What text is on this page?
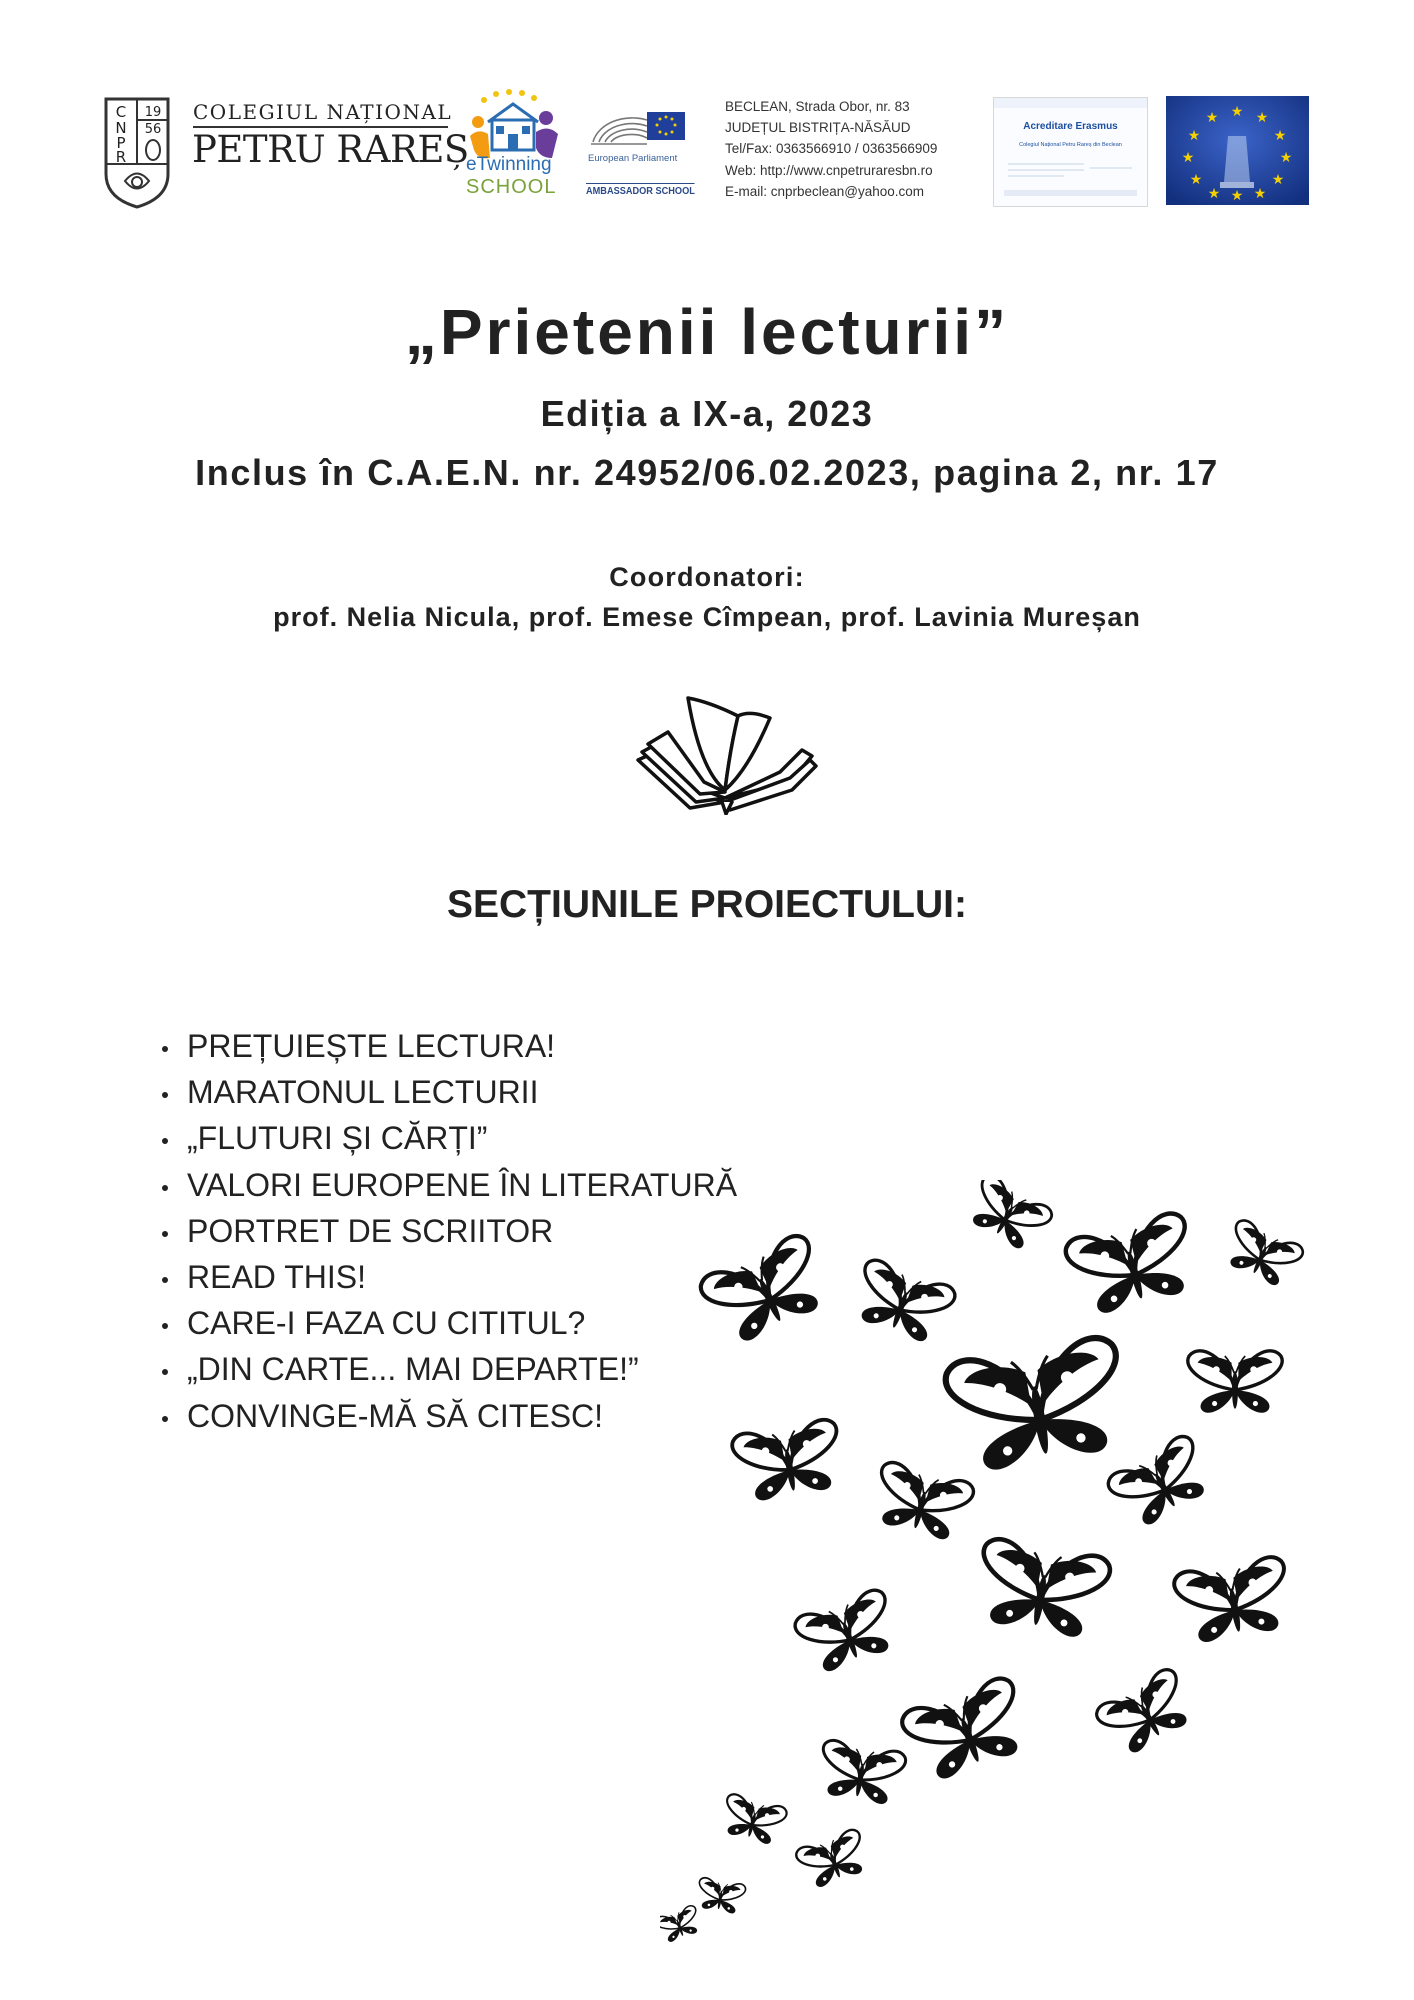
C
N
P
R
19
56
COLEGIUL NAȚIONAL
PETRU RAREȘ
eTwinning
SCHOOL
European Parliament
AMBASSADOR SCHOOL
BECLEAN, Strada Obor, nr. 83
JUDEȚUL BISTRIȚA-NĂSĂUD
Tel/Fax: 0363566910 / 0363566909
Web: http://www.cnpetruraresbn.ro
E-mail: cnprbeclean@yahoo.com
Acreditare Erasmus
Colegiul Național Petru Rareș din Beclean
★ ★
★
★
★
★
★
★
★
★
★
★
„Prietenii lecturii”
Ediția a IX-a, 2023
Inclus în C.A.E.N. nr. 24952/06.02.2023, pagina 2, nr. 17
Coordonatori:
prof. Nelia Nicula, prof. Emese Cîmpean, prof. Lavinia Mureșan
SECȚIUNILE PROIECTULUI:
PREȚUIEȘTE LECTURA!
MARATONUL LECTURII
„FLUTURI ȘI CĂRȚI”
VALORI EUROPENE ÎN LITERATURĂ
PORTRET DE SCRIITOR
READ THIS!
CARE-I FAZA CU CITITUL?
„DIN CARTE... MAI DEPARTE!”
CONVINGE-MĂ SĂ CITESC!
